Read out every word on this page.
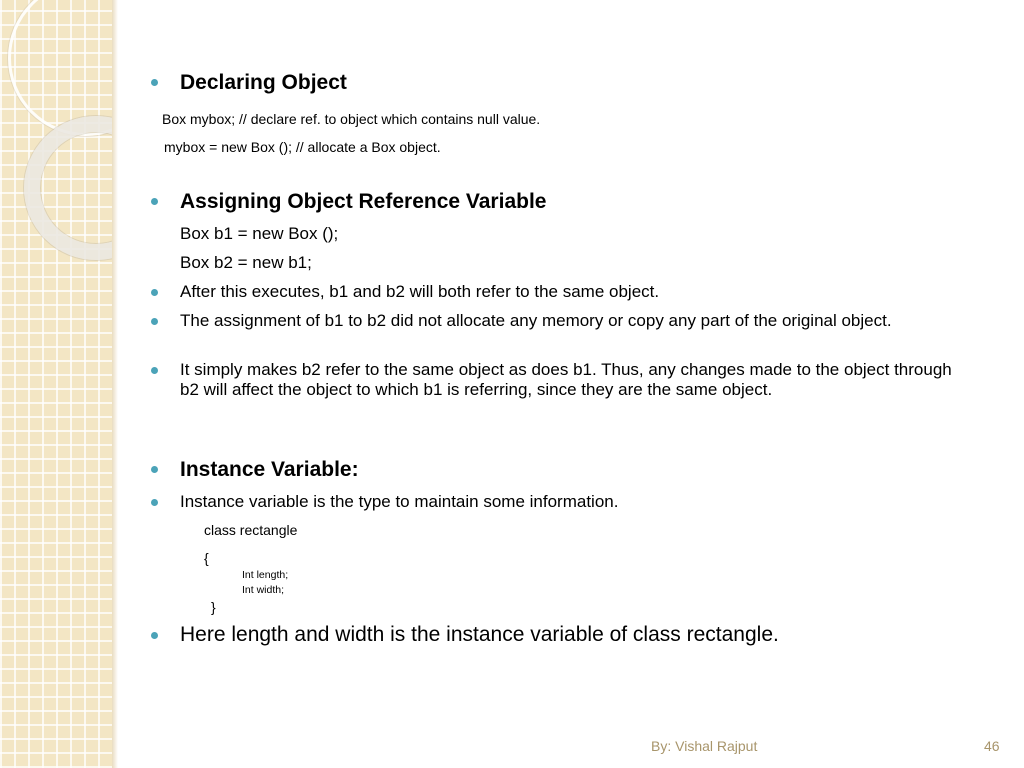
Declaring Object
Box mybox; // declare ref. to object which contains null value.
mybox = new Box (); // allocate a Box object.
Assigning Object Reference Variable
Box b1 = new Box ();
Box b2 = new b1;
After this executes, b1 and b2 will both refer to the same object.
The assignment of b1 to b2 did not allocate any memory or copy any part of the original object.
It simply makes b2 refer to the same object as does b1. Thus, any changes made to the object through b2 will affect the object to which b1 is referring, since they are the same object.
Instance Variable:
Instance variable is the type to maintain some information.
class rectangle
{
Int length;
Int width;
}
Here length and width is the instance variable of class rectangle.
By: Vishal Rajput	46
